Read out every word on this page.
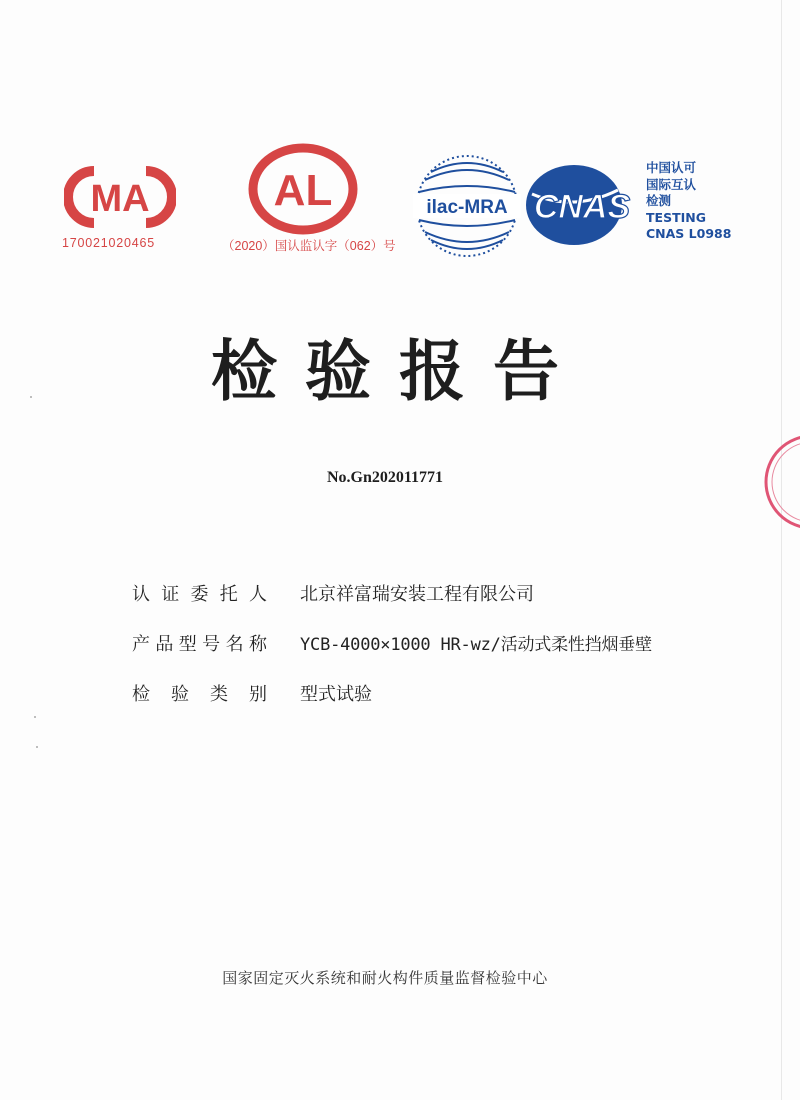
MA
170021020465
AL
（2020）国认监认字（062）号
ilac-MRA CNAS
中国认可
国际互认
检测
TESTING
CNAS L0988
检验报告
No.Gn202011771
认 证 委 托 人 北京祥富瑞安装工程有限公司
产 品 型 号 名 称 YCB-4000×1000 HR-wz/活动式柔性挡烟垂壁
检 验 类 别 型式试验
国家固定灭火系统和耐火构件质量监督检验中心
